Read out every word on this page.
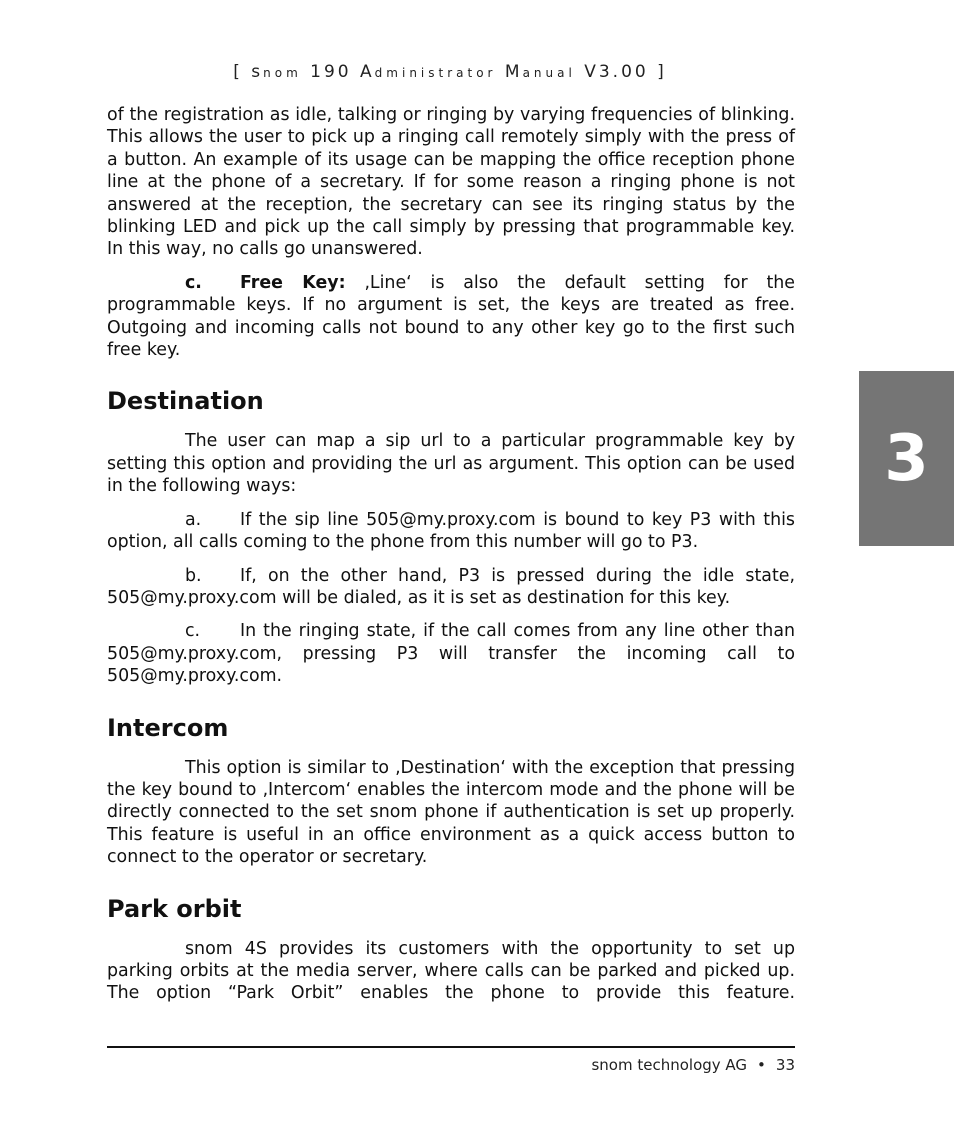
[ snom 190 Administrator Manual V3.00 ]
3

of the registration as idle, talking or ringing by varying frequencies of blinking. This allows the user to pick up a ringing call remotely simply with the press of a button. An example of its usage can be mapping the office reception phone line at the phone of a secretary. If for some reason a ringing phone is not answered at the reception, the secretary can see its ringing status by the blinking LED and pick up the call simply by pressing that programmable key. In this way, no calls go unanswered.

c. Free Key: ‚Line‘ is also the default setting for the programmable keys. If no argument is set, the keys are treated as free. Outgoing and incoming calls not bound to any other key go to the first such free key.

Destination

The user can map a sip url to a particular programmable key by setting this option and providing the url as argument. This option can be used in the following ways:

a. If the sip line 505@my.proxy.com is bound to key P3 with this option, all calls coming to the phone from this number will go to P3.

b. If, on the other hand, P3 is pressed during the idle state, 505@my.proxy.com will be dialed, as it is set as destination for this key.

c. In the ringing state, if the call comes from any line other than 505@my.proxy.com, pressing P3 will transfer the incoming call to 505@my.proxy.com.

Intercom

This option is similar to ‚Destination‘ with the exception that pressing the key bound to ‚Intercom‘ enables the intercom mode and the phone will be directly connected to the set snom phone if authentication is set up properly. This feature is useful in an office environment as a quick access button to connect to the operator or secretary.

Park orbit

snom 4S provides its customers with the opportunity to set up parking orbits at the media server, where calls can be parked and picked up. The option “Park Orbit” enables the phone to provide this feature.

snom technology AG • 33
